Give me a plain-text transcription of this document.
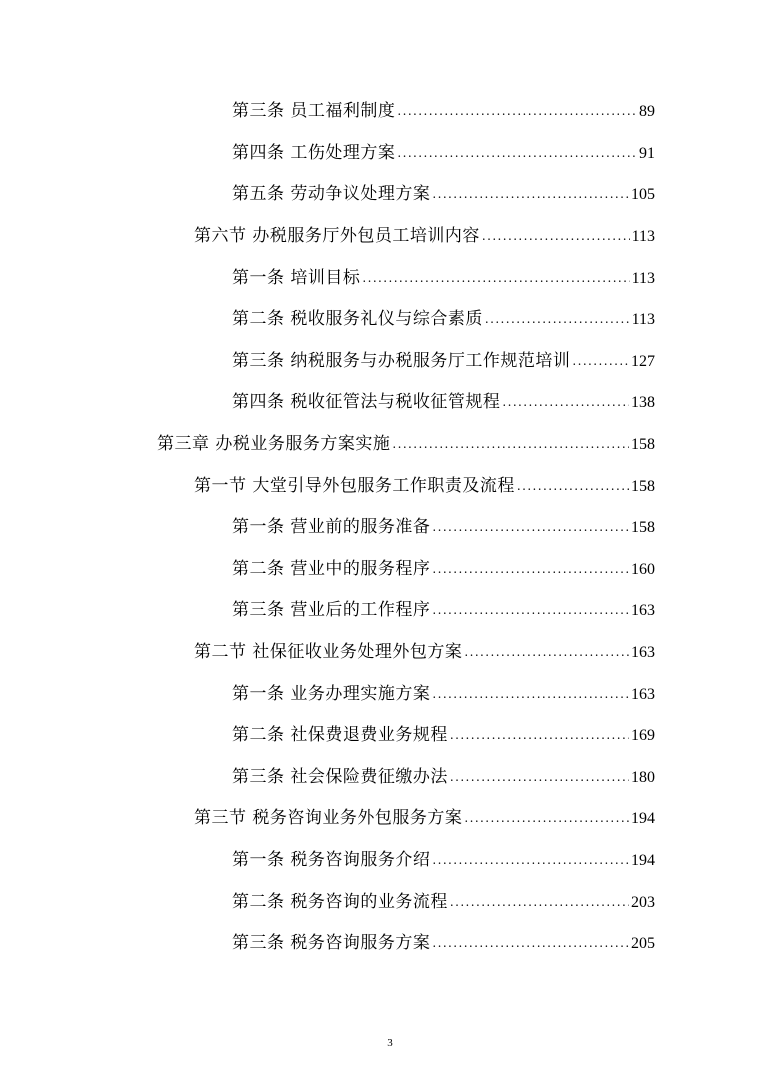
第三条 员工福利制度 .....	89
第四条 工伤处理方案 .....	91
第五条 劳动争议处理方案 .....	105
第六节 办税服务厅外包员工培训内容 .....	113
第一条 培训目标 .....	113
第二条 税收服务礼仪与综合素质 .....	113
第三条 纳税服务与办税服务厅工作规范培训 .....	127
第四条 税收征管法与税收征管规程 .....	138
第三章 办税业务服务方案实施 .....	158
第一节 大堂引导外包服务工作职责及流程 .....	158
第一条 营业前的服务准备 .....	158
第二条 营业中的服务程序 .....	160
第三条 营业后的工作程序 .....	163
第二节 社保征收业务处理外包方案 .....	163
第一条 业务办理实施方案 .....	163
第二条 社保费退费业务规程 .....	169
第三条 社会保险费征缴办法 .....	180
第三节 税务咨询业务外包服务方案 .....	194
第一条 税务咨询服务介绍 .....	194
第二条 税务咨询的业务流程 .....	203
第三条 税务咨询服务方案 .....	205
3
